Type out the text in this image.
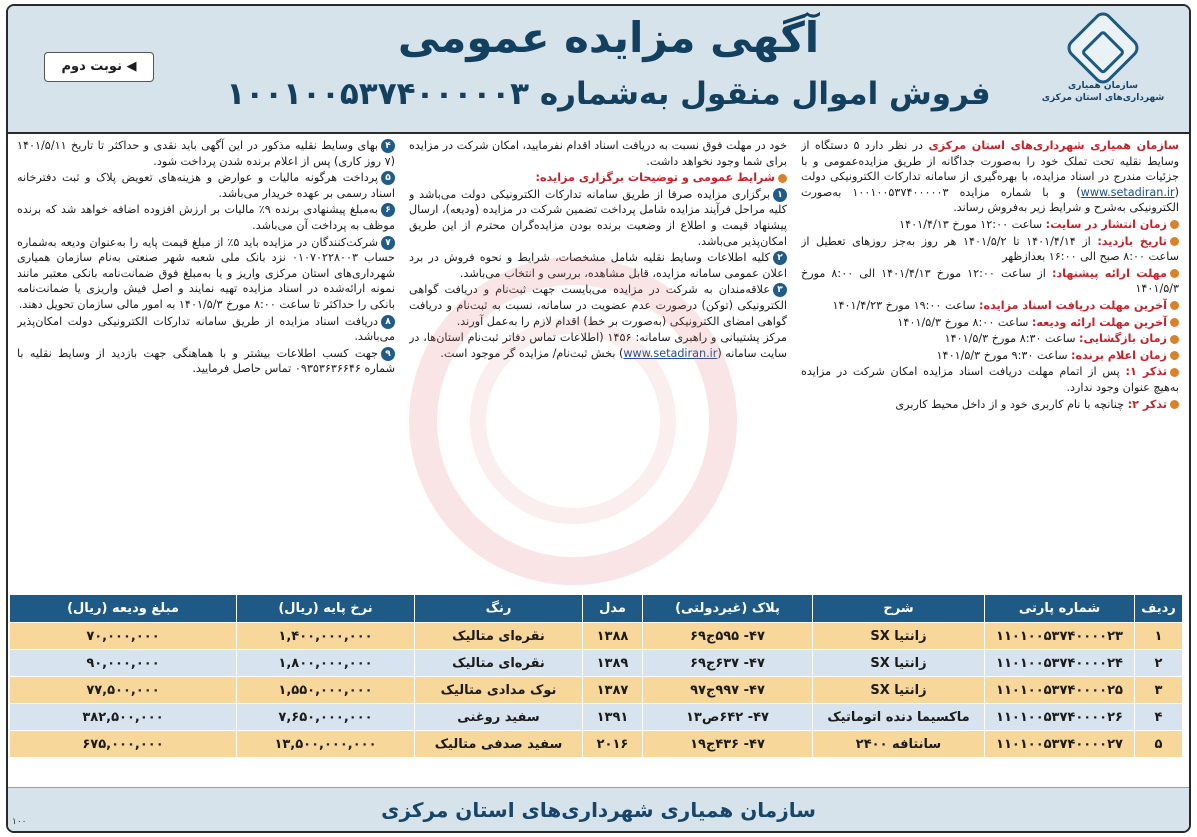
سازمان همیاری شهرداری‌های استان مرکزی
آگهی مزایده عمومی
فروش اموال منقول به‌شماره ۱۰۰۱۰۰۵۳۷۴۰۰۰۰۰۳
◀ نوبت دوم

سازمان همیاری شهرداری‌های استان مرکزی در نظر دارد ۵ دستگاه از وسایط نقلیه تحت تملک خود را به‌صورت جداگانه از طریق مزایده‌عمومی و با جزئیات مندرج در اسناد مزایده، با بهره‌گیری از سامانه تدارکات الکترونیکی دولت (www.setadiran.ir) و با شماره مزایده ۱۰۰۱۰۰۵۳۷۴۰۰۰۰۰۳ به‌صورت الکترونیکی به‌شرح و شرایط زیر به‌فروش رساند.

زمان انتشار در سایت: ساعت ۱۲:۰۰ مورخ ۱۴۰۱/۴/۱۳

تاریخ بازدید: از ۱۴۰۱/۴/۱۴ تا ۱۴۰۱/۵/۲ هر روز به‌جز روزهای تعطیل از ساعت ۸:۰۰ صبح الی ۱۶:۰۰ بعدازظهر

مهلت ارائه پیشنهاد: از ساعت ۱۲:۰۰ مورخ ۱۴۰۱/۴/۱۳ الی ۸:۰۰ مورخ ۱۴۰۱/۵/۳

آخرین مهلت دریافت اسناد مزایده: ساعت ۱۹:۰۰ مورخ ۱۴۰۱/۴/۲۳

آخرین مهلت ارائه ودیعه: ساعت ۸:۰۰ مورخ ۱۴۰۱/۵/۳

زمان بازگشایی: ساعت ۸:۳۰ مورخ ۱۴۰۱/۵/۳

زمان اعلام برنده: ساعت ۹:۳۰ مورخ ۱۴۰۱/۵/۳

تذکر ۱: پس از اتمام مهلت دریافت اسناد مزایده امکان شرکت در مزایده به‌هیچ عنوان وجود ندارد.

تذکر ۲: چنانچه با نام کاربری خود و از داخل محیط کاربری

خود در مهلت فوق نسبت به دریافت اسناد اقدام نفرمایید، امکان شرکت در مزایده برای شما وجود نخواهد داشت.

شرایط عمومی و توضیحات برگزاری مزایده:

۱برگزاری مزایده صرفا از طریق سامانه تدارکات الکترونیکی دولت می‌باشد و کلیه مراحل فرآیند مزایده شامل پرداخت تضمین شرکت در مزایده (ودیعه)، ارسال پیشنهاد قیمت و اطلاع از وضعیت برنده بودن مزایده‌گران محترم از این طریق امکان‌پذیر می‌باشد.

۲کلیه اطلاعات وسایط نقلیه شامل مشخصات، شرایط و نحوه فروش در برد اعلان عمومی سامانه مزایده، قابل مشاهده، بررسی و انتخاب می‌باشد.

۳علاقه‌مندان به شرکت در مزایده می‌بایست جهت ثبت‌نام و دریافت گواهی الکترونیکی (توکن) درصورت عدم عضویت در سامانه، نسبت به ثبت‌نام و دریافت گواهی امضای الکترونیکی (به‌صورت بر خط) اقدام لازم را به‌عمل آورند.

مرکز پشتیبانی و راهبری سامانه: ۱۴۵۶ (اطلاعات تماس دفاتر ثبت‌نام استان‌ها، در سایت سامانه (www.setadiran.ir) بخش ثبت‌نام/ مزایده گر موجود است.

۴بهای وسایط نقلیه مذکور در این آگهی باید نقدی و حداکثر تا تاریخ ۱۴۰۱/۵/۱۱ (۷ روز کاری) پس از اعلام برنده شدن پرداخت شود.

۵پرداخت هرگونه مالیات و عوارض و هزینه‌های تعویض پلاک و ثبت دفترخانه اسناد رسمی بر عهده خریدار می‌باشد.

۶به‌مبلغ پیشنهادی برنده ۹٪ مالیات بر ارزش افزوده اضافه خواهد شد که برنده موظف به پرداخت آن می‌باشد.

۷شرکت‌کنندگان در مزایده باید ۵٪ از مبلغ قیمت پایه را به‌عنوان ودیعه به‌شماره حساب ۰۱۰۷۰۲۲۸۰۰۳ نزد بانک ملی شعبه شهر صنعتی به‌نام سازمان همیاری شهرداری‌های استان مرکزی واریز و یا به‌مبلغ فوق ضمانت‌نامه بانکی معتبر مانند نمونه ارائه‌شده در اسناد مزایده تهیه نمایند و اصل فیش واریزی یا ضمانت‌نامه بانکی را حداکثر تا ساعت ۸:۰۰ مورخ ۱۴۰۱/۵/۳ به امور مالی سازمان تحویل دهند.

۸دریافت اسناد مزایده از طریق سامانه تدارکات الکترونیکی دولت امکان‌پذیر می‌باشد.

۹جهت کسب اطلاعات بیشتر و با هماهنگی جهت بازدید از وسایط نقلیه با شماره ۰۹۳۵۳۶۳۶۶۴۶ تماس حاصل فرمایید.

ردیف	شماره پارتی	شرح	پلاک (غیردولتی)	مدل	رنگ	نرخ پایه (ریال)	مبلغ ودیعه (ریال)
۱	۱۱۰۱۰۰۵۳۷۴۰۰۰۰۲۳	زانتیا SX	۴۷- ۵۹۵ج۶۹	۱۳۸۸	نقره‌ای متالیک	۱,۴۰۰,۰۰۰,۰۰۰	۷۰,۰۰۰,۰۰۰
۲	۱۱۰۱۰۰۵۳۷۴۰۰۰۰۲۴	زانتیا SX	۴۷- ۶۳۷ج۶۹	۱۳۸۹	نقره‌ای متالیک	۱,۸۰۰,۰۰۰,۰۰۰	۹۰,۰۰۰,۰۰۰
۳	۱۱۰۱۰۰۵۳۷۴۰۰۰۰۲۵	زانتیا SX	۴۷- ۹۹۷ج۹۷	۱۳۸۷	نوک مدادی متالیک	۱,۵۵۰,۰۰۰,۰۰۰	۷۷,۵۰۰,۰۰۰
۴	۱۱۰۱۰۰۵۳۷۴۰۰۰۰۲۶	ماکسیما دنده اتوماتیک	۴۷- ۶۴۲ص۱۳	۱۳۹۱	سفید روغنی	۷,۶۵۰,۰۰۰,۰۰۰	۳۸۲,۵۰۰,۰۰۰
۵	۱۱۰۱۰۰۵۳۷۴۰۰۰۰۲۷	سانتافه ۲۴۰۰	۴۷- ۴۳۶ج۱۹	۲۰۱۶	سفید صدفی متالیک	۱۳,۵۰۰,۰۰۰,۰۰۰	۶۷۵,۰۰۰,۰۰۰
سازمان همیاری شهرداری‌های استان مرکزی
۱۰۰
